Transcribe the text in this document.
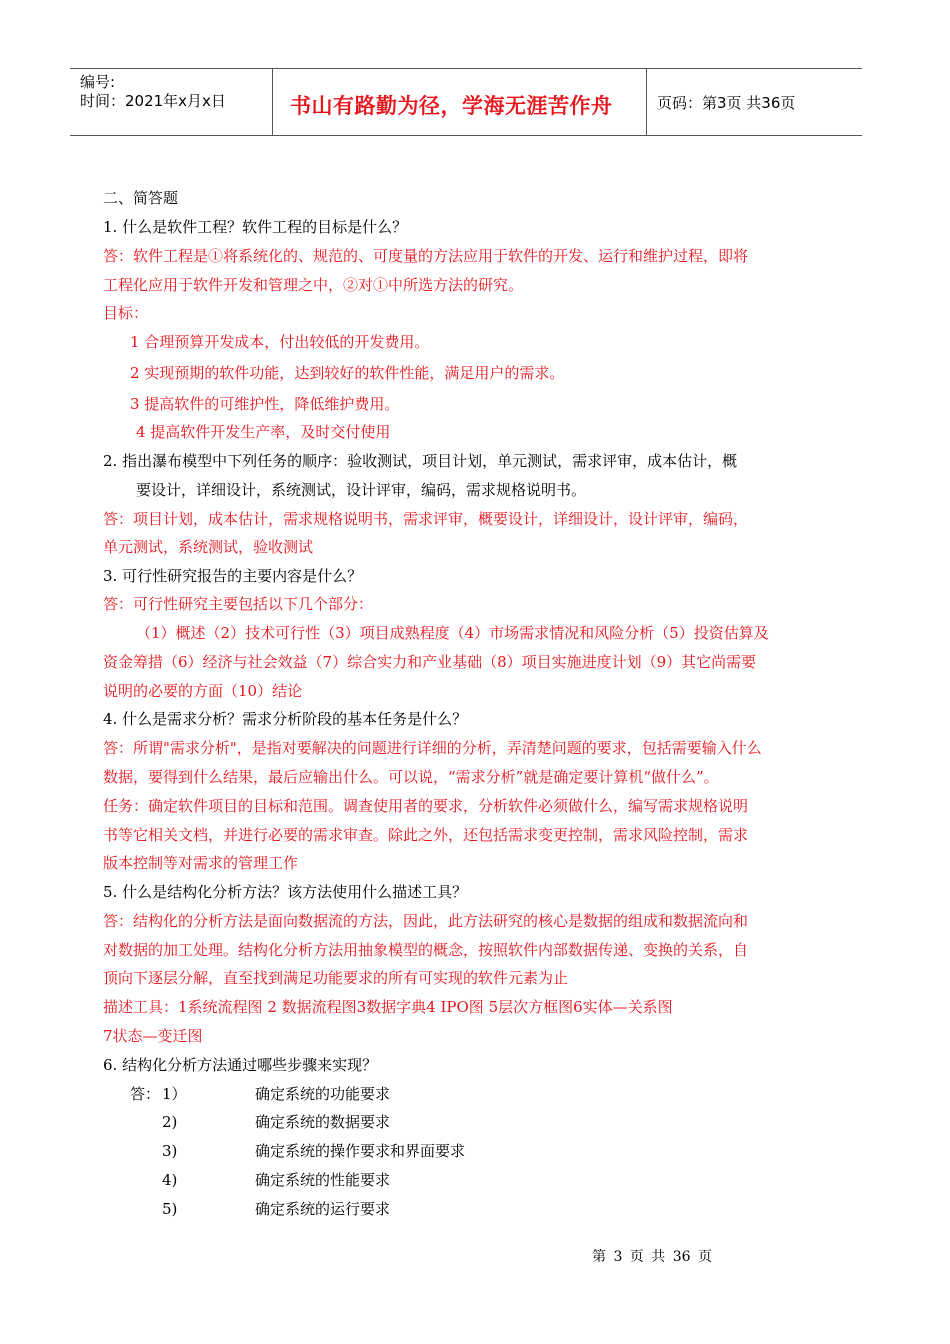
编号:
时间：2021年x月x日	书山有路勤为径，学海无涯苦作舟	页码：第3页 共36页
二、简答题
1. 什么是软件工程？软件工程的目标是什么？
答：软件工程是①将系统化的、规范的、可度量的方法应用于软件的开发、运行和维护过程，即将
工程化应用于软件开发和管理之中，②对①中所选方法的研究。
目标：
1 合理预算开发成本，付出较低的开发费用。
2 实现预期的软件功能，达到较好的软件性能，满足用户的需求。
3 提高软件的可维护性，降低维护费用。
4 提高软件开发生产率，及时交付使用
2. 指出瀑布模型中下列任务的顺序：验收测试，项目计划，单元测试，需求评审，成本估计，概
要设计，详细设计，系统测试，设计评审，编码，需求规格说明书。
答：项目计划，成本估计，需求规格说明书，需求评审，概要设计，详细设计，设计评审，编码，
单元测试，系统测试，验收测试
3. 可行性研究报告的主要内容是什么？
答：可行性研究主要包括以下几个部分：
（1）概述（2）技术可行性（3）项目成熟程度（4）市场需求情况和风险分析（5）投资估算及
资金筹措（6）经济与社会效益（7）综合实力和产业基础（8）项目实施进度计划（9）其它尚需要
说明的必要的方面（10）结论
4. 什么是需求分析？需求分析阶段的基本任务是什么？
答：所谓"需求分析"，是指对要解决的问题进行详细的分析，弄清楚问题的要求，包括需要输入什么
数据，要得到什么结果，最后应输出什么。可以说，“需求分析”就是确定要计算机“做什么”。
任务：确定软件项目的目标和范围。调查使用者的要求，分析软件必须做什么，编写需求规格说明
书等它相关文档，并进行必要的需求审查。除此之外，还包括需求变更控制，需求风险控制，需求
版本控制等对需求的管理工作
5. 什么是结构化分析方法？该方法使用什么描述工具？
答：结构化的分析方法是面向数据流的方法，因此，此方法研究的核心是数据的组成和数据流向和
对数据的加工处理。结构化分析方法用抽象模型的概念，按照软件内部数据传递、变换的关系，自
顶向下逐层分解，直至找到满足功能要求的所有可实现的软件元素为止
描述工具：1系统流程图 2 数据流程图3数据字典4 IPO图 5层次方框图6实体—关系图
7状态—变迁图
6. 结构化分析方法通过哪些步骤来实现？
答： 1）	确定系统的功能要求
2)	确定系统的数据要求
3)	确定系统的操作要求和界面要求
4)	确定系统的性能要求
5)	确定系统的运行要求
第 3 页 共 36 页
